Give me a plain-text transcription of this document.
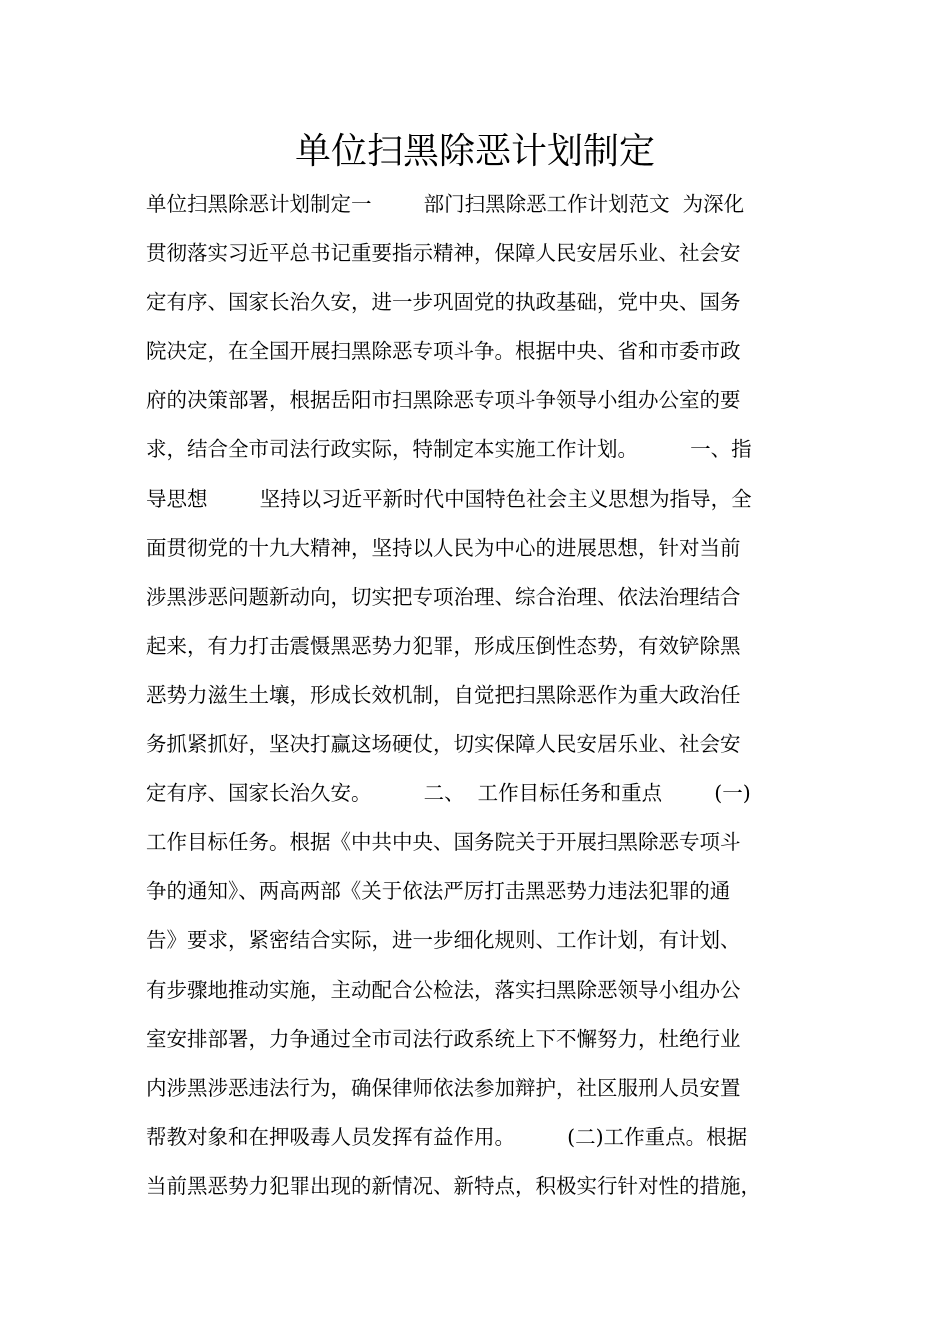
单位扫黑除恶计划制定
单位扫黑除恶计划制定一        部门扫黑除恶工作计划范文  为深化
贯彻落实习近平总书记重要指示精神，保障人民安居乐业、社会安
定有序、国家长治久安，进一步巩固党的执政基础，党中央、国务
院决定，在全国开展扫黑除恶专项斗争。根据中央、省和市委市政
府的决策部署，根据岳阳市扫黑除恶专项斗争领导小组办公室的要
求，结合全市司法行政实际，特制定本实施工作计划。        一、指
导思想        坚持以习近平新时代中国特色社会主义思想为指导，全
面贯彻党的十九大精神，坚持以人民为中心的进展思想，针对当前
涉黑涉恶问题新动向，切实把专项治理、综合治理、依法治理结合
起来，有力打击震慑黑恶势力犯罪，形成压倒性态势，有效铲除黑
恶势力滋生土壤，形成长效机制，自觉把扫黑除恶作为重大政治任
务抓紧抓好，坚决打赢这场硬仗，切实保障人民安居乐业、社会安
定有序、国家长治久安。        二、  工作目标任务和重点        (一)
工作目标任务。根据《中共中央、国务院关于开展扫黑除恶专项斗
争的通知》、两高两部《关于依法严厉打击黑恶势力违法犯罪的通
告》要求，紧密结合实际，进一步细化规则、工作计划，有计划、
有步骤地推动实施，主动配合公检法，落实扫黑除恶领导小组办公
室安排部署，力争通过全市司法行政系统上下不懈努力，杜绝行业
内涉黑涉恶违法行为，确保律师依法参加辩护，社区服刑人员安置
帮教对象和在押吸毒人员发挥有益作用。        (二)工作重点。根据
当前黑恶势力犯罪出现的新情况、新特点，积极实行针对性的措施，
